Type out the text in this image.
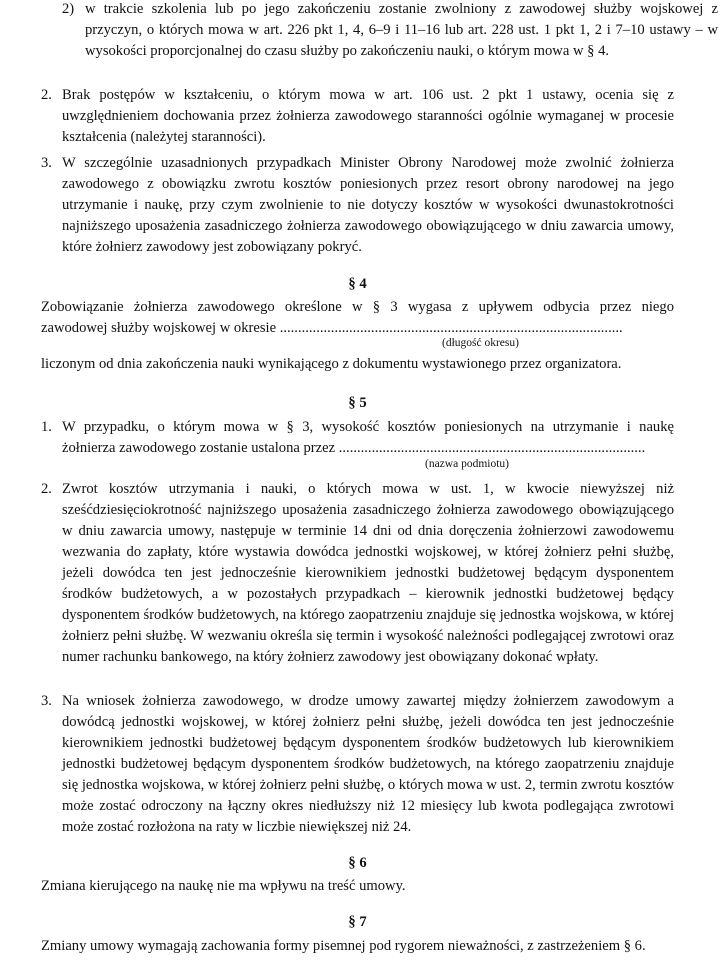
2) w trakcie szkolenia lub po jego zakończeniu zostanie zwolniony z zawodowej służby wojskowej z przyczyn, o których mowa w art. 226 pkt 1, 4, 6–9 i 11–16 lub art. 228 ust. 1 pkt 1, 2 i 7–10 ustawy – w wysokości proporcjonalnej do czasu służby po zakończeniu nauki, o którym mowa w § 4.
2. Brak postępów w kształceniu, o którym mowa w art. 106 ust. 2 pkt 1 ustawy, ocenia się z uwzględnieniem dochowania przez żołnierza zawodowego staranności ogólnie wymaganej w procesie kształcenia (należytej staranności).
3. W szczególnie uzasadnionych przypadkach Minister Obrony Narodowej może zwolnić żołnierza zawodowego z obowiązku zwrotu kosztów poniesionych przez resort obrony narodowej na jego utrzymanie i naukę, przy czym zwolnienie to nie dotyczy kosztów w wysokości dwunastokrotności najniższego uposażenia zasadniczego żołnierza zawodowego obowiązującego w dniu zawarcia umowy, które żołnierz zawodowy jest zobowiązany pokryć.
§ 4
Zobowiązanie żołnierza zawodowego określone w § 3 wygasa z upływem odbycia przez niego
zawodowej służby wojskowej w okresie ..............................................................................................
(długość okresu)
liczonym od dnia zakończenia nauki wynikającego z dokumentu wystawionego przez organizatora.
§ 5
1. W przypadku, o którym mowa w § 3, wysokość kosztów poniesionych na utrzymanie i naukę
żołnierza zawodowego zostanie ustalona przez ....................................................................................
(nazwa podmiotu)
2. Zwrot kosztów utrzymania i nauki, o których mowa w ust. 1, w kwocie niewyższej niż sześćdziesięciokrotność najniższego uposażenia zasadniczego żołnierza zawodowego obowiązującego w dniu zawarcia umowy, następuje w terminie 14 dni od dnia doręczenia żołnierzowi zawodowemu wezwania do zapłaty, które wystawia dowódca jednostki wojskowej, w której żołnierz pełni służbę, jeżeli dowódca ten jest jednocześnie kierownikiem jednostki budżetowej będącym dysponentem środków budżetowych, a w pozostałych przypadkach – kierownik jednostki budżetowej będący dysponentem środków budżetowych, na którego zaopatrzeniu znajduje się jednostka wojskowa, w której żołnierz pełni służbę. W wezwaniu określa się termin i wysokość należności podlegającej zwrotowi oraz numer rachunku bankowego, na który żołnierz zawodowy jest obowiązany dokonać wpłaty.
3. Na wniosek żołnierza zawodowego, w drodze umowy zawartej między żołnierzem zawodowym a dowódcą jednostki wojskowej, w której żołnierz pełni służbę, jeżeli dowódca ten jest jednocześnie kierownikiem jednostki budżetowej będącym dysponentem środków budżetowych lub kierownikiem jednostki budżetowej będącym dysponentem środków budżetowych, na którego zaopatrzeniu znajduje się jednostka wojskowa, w której żołnierz pełni służbę, o których mowa w ust. 2, termin zwrotu kosztów może zostać odroczony na łączny okres niedłuższy niż 12 miesięcy lub kwota podlegająca zwrotowi może zostać rozłożona na raty w liczbie niewiększej niż 24.
§ 6
Zmiana kierującego na naukę nie ma wpływu na treść umowy.
§ 7
Zmiany umowy wymagają zachowania formy pisemnej pod rygorem nieważności, z zastrzeżeniem § 6.
